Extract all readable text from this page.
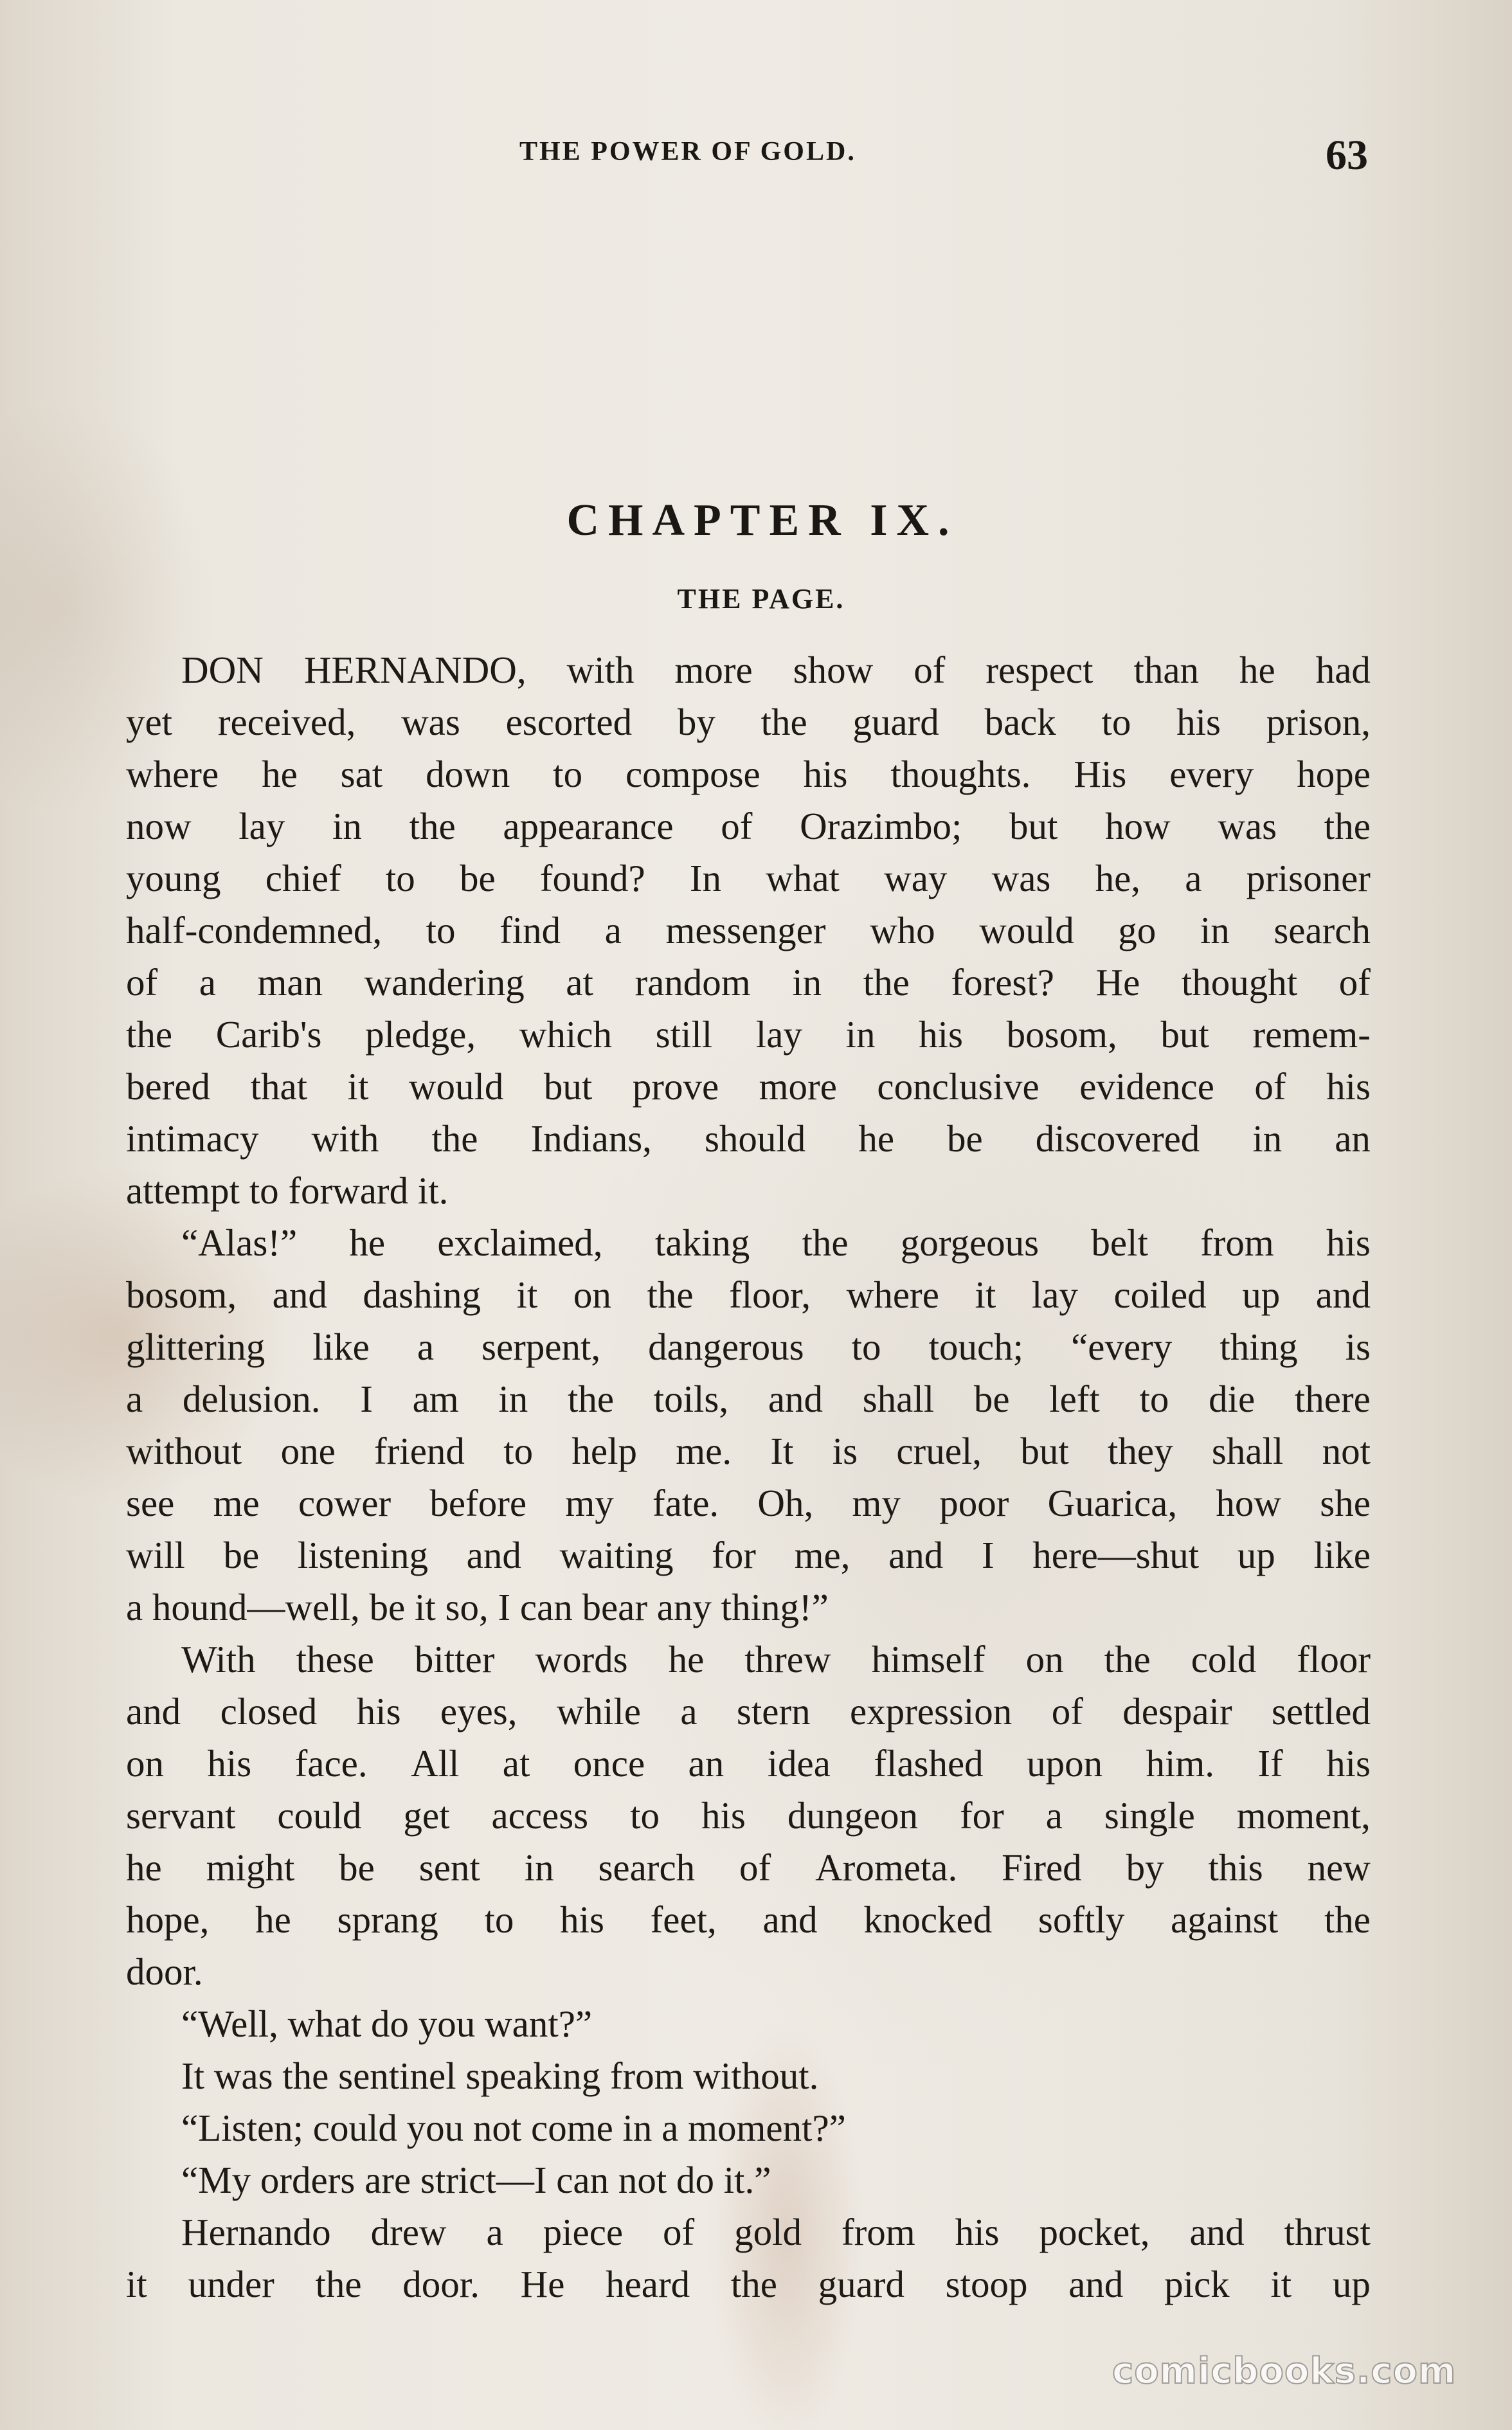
THE POWER OF GOLD.	63
CHAPTER IX.
THE PAGE.
DON HERNANDO, with more show of respect than he had
yet received, was escorted by the guard back to his prison,
where he sat down to compose his thoughts. His every hope
now lay in the appearance of Orazimbo; but how was the
young chief to be found? In what way was he, a prisoner
half-condemned, to find a messenger who would go in search
of a man wandering at random in the forest? He thought of
the Carib's pledge, which still lay in his bosom, but remem-
bered that it would but prove more conclusive evidence of his
intimacy with the Indians, should he be discovered in an
attempt to forward it.
“Alas!” he exclaimed, taking the gorgeous belt from his
bosom, and dashing it on the floor, where it lay coiled up and
glittering like a serpent, dangerous to touch; “every thing is
a delusion. I am in the toils, and shall be left to die there
without one friend to help me. It is cruel, but they shall not
see me cower before my fate. Oh, my poor Guarica, how she
will be listening and waiting for me, and I here—shut up like
a hound—well, be it so, I can bear any thing!”
With these bitter words he threw himself on the cold floor
and closed his eyes, while a stern expression of despair settled
on his face. All at once an idea flashed upon him. If his
servant could get access to his dungeon for a single moment,
he might be sent in search of Arometa. Fired by this new
hope, he sprang to his feet, and knocked softly against the
door.
“Well, what do you want?”
It was the sentinel speaking from without.
“Listen; could you not come in a moment?”
“My orders are strict—I can not do it.”
Hernando drew a piece of gold from his pocket, and thrust
it under the door. He heard the guard stoop and pick it up
comicbooks.com
